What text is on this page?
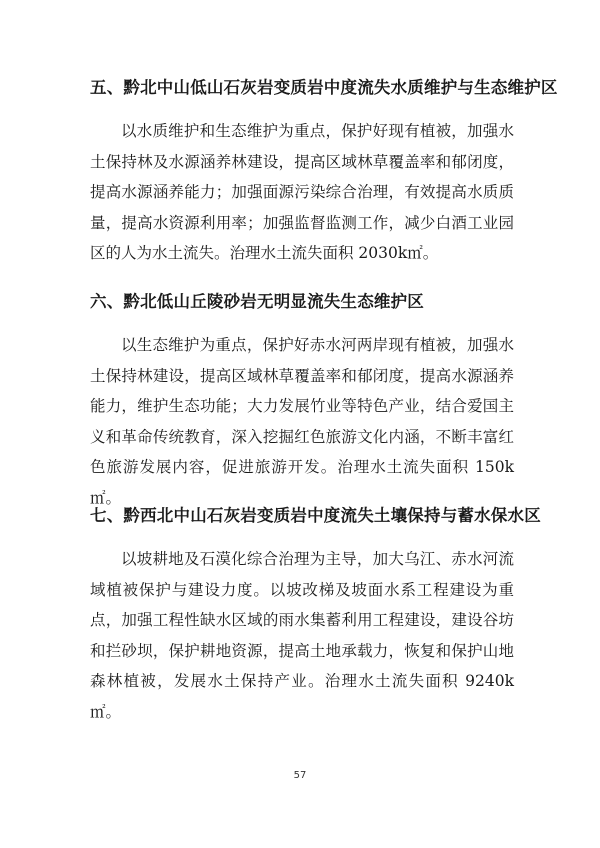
五、黔北中山低山石灰岩变质岩中度流失水质维护与生态维护区

以水质维护和生态维护为重点，保护好现有植被，加强水土保持林及水源涵养林建设，提高区域林草覆盖率和郁闭度，提高水源涵养能力；加强面源污染综合治理，有效提高水质质量，提高水资源利用率；加强监督监测工作，减少白酒工业园区的人为水土流失。治理水土流失面积 2030k㎡。

六、黔北低山丘陵砂岩无明显流失生态维护区

以生态维护为重点，保护好赤水河两岸现有植被，加强水土保持林建设，提高区域林草覆盖率和郁闭度，提高水源涵养能力，维护生态功能；大力发展竹业等特色产业，结合爱国主义和革命传统教育，深入挖掘红色旅游文化内涵，不断丰富红色旅游发展内容，促进旅游开发。治理水土流失面积 150k㎡。

七、黔西北中山石灰岩变质岩中度流失土壤保持与蓄水保水区

以坡耕地及石漠化综合治理为主导，加大乌江、赤水河流域植被保护与建设力度。以坡改梯及坡面水系工程建设为重点，加强工程性缺水区域的雨水集蓄利用工程建设，建设谷坊和拦砂坝，保护耕地资源，提高土地承载力，恢复和保护山地森林植被，发展水土保持产业。治理水土流失面积 9240k㎡。

57
